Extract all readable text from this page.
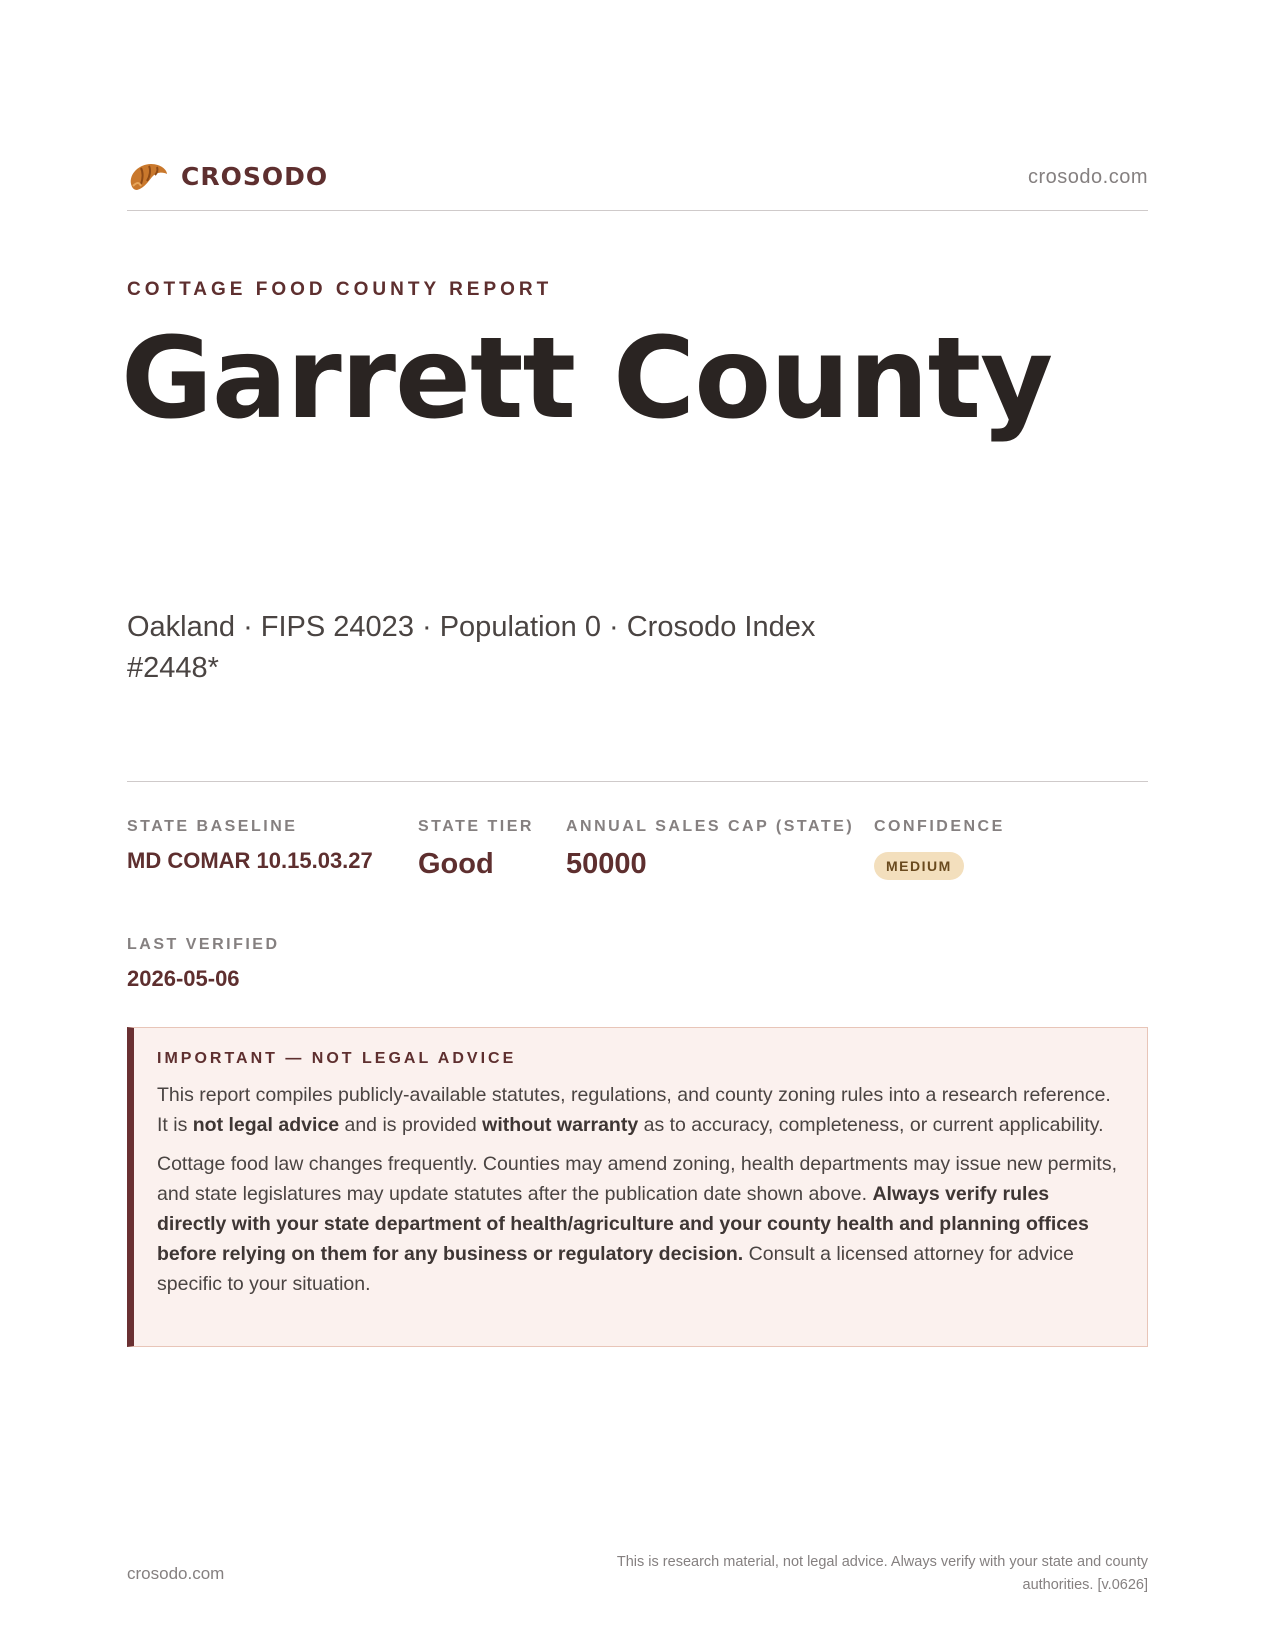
CROSODO	crosodo.com
COTTAGE FOOD COUNTY REPORT
Garrett County
Oakland · FIPS 24023 · Population 0 · Crosodo Index #2448*
STATE BASELINE
MD COMAR 10.15.03.27
STATE TIER
Good
ANNUAL SALES CAP (STATE)
50000
CONFIDENCE
MEDIUM
LAST VERIFIED
2026-05-06
IMPORTANT — NOT LEGAL ADVICE

This report compiles publicly-available statutes, regulations, and county zoning rules into a research reference. It is not legal advice and is provided without warranty as to accuracy, completeness, or current applicability.

Cottage food law changes frequently. Counties may amend zoning, health departments may issue new permits, and state legislatures may update statutes after the publication date shown above. Always verify rules directly with your state department of health/agriculture and your county health and planning offices before relying on them for any business or regulatory decision. Consult a licensed attorney for advice specific to your situation.

crosodo.com
This is research material, not legal advice. Always verify with your state and county authorities. [v.0626]
